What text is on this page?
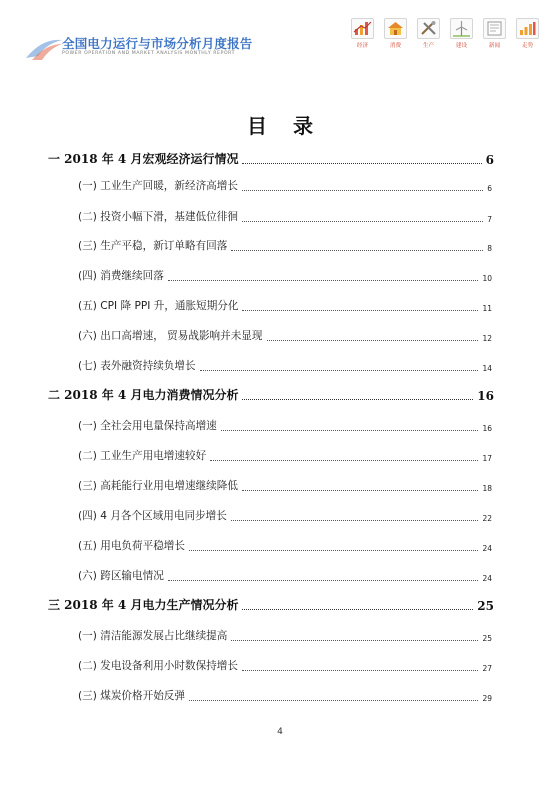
全国电力运行与市场分析月度报告
POWER OPERATION AND MARKET ANALYSIS MONTHLY REPORT
经济	消费	生产	建设	新闻	走势
目录
一 2018 年 4 月宏观经济运行情况	6
(一) 工业生产回暖，新经济高增长	6
(二) 投资小幅下滑，基建低位徘徊	7
(三) 生产平稳，新订单略有回落	8
(四) 消费继续回落	10
(五) CPI 降 PPI 升，通胀短期分化	11
(六) 出口高增速， 贸易战影响并未显现	12
(七) 表外融资持续负增长	14
二 2018 年 4 月电力消费情况分析	16
(一) 全社会用电量保持高增速	16
(二) 工业生产用电增速较好	17
(三) 高耗能行业用电增速继续降低	18
(四) 4 月各个区域用电同步增长	22
(五) 用电负荷平稳增长	24
(六) 跨区输电情况	24
三 2018 年 4 月电力生产情况分析	25
(一) 清洁能源发展占比继续提高	25
(二) 发电设备利用小时数保持增长	27
(三) 煤炭价格开始反弹	29
4
